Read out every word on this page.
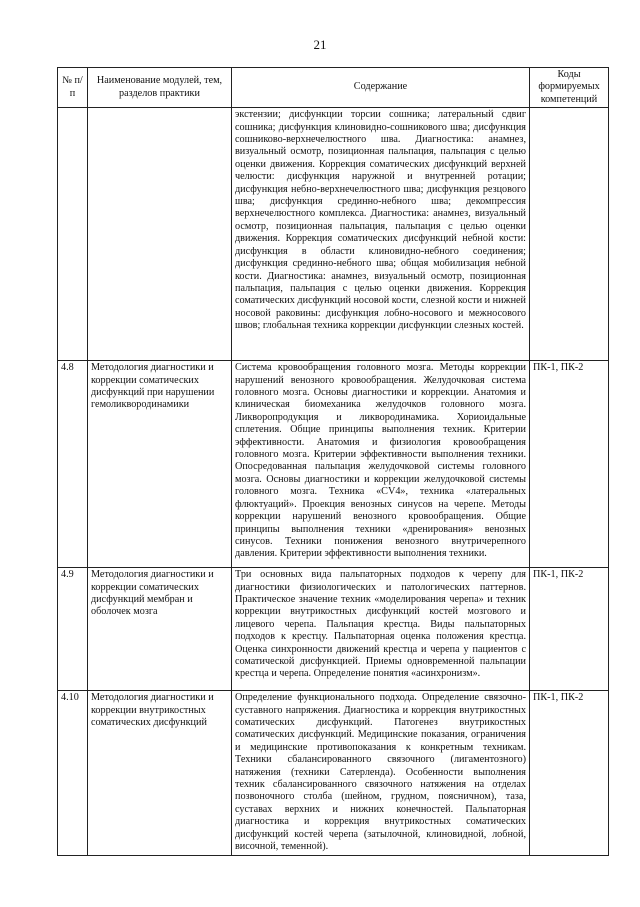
21
№ п/п	Наименование модулей, тем, разделов практики	Содержание	Коды формируемых компетенций
		экстензии; дисфункции торсии сошника; латеральный сдвиг сошника; дисфункция клиновидно-сошникового шва; дисфункция сошниково-верхнечелюстного шва. Диагностика: анамнез, визуальный осмотр, позиционная пальпация, пальпация с целью оценки движения. Коррекция соматических дисфункций верхней челюсти: дисфункция наружной и внутренней ротации; дисфункция небно-верхнечелюстного шва; дисфункция резцового шва; дисфункция срединно-небного шва; декомпрессия верхнечелюстного комплекса. Диагностика: анамнез, визуальный осмотр, позиционная пальпация, пальпация с целью оценки движения. Коррекция соматических дисфункций небной кости: дисфункция в области клиновидно-небного соединения; дисфункция срединно-небного шва; общая мобилизация небной кости. Диагностика: анамнез, визуальный осмотр, позиционная пальпация, пальпация с целью оценки движения. Коррекция соматических дисфункций носовой кости, слезной кости и нижней носовой раковины: дисфункция лобно-носового и межносового швов; глобальная техника коррекции дисфункции слезных костей.	
4.8	Методология диагностики и коррекции соматических дисфункций при нарушении гемоликвородинамики	Система кровообращения головного мозга. Методы коррекции нарушений венозного кровообращения. Желудочковая система головного мозга. Основы диагностики и коррекции. Анатомия и клиническая биомеханика желудочков головного мозга. Ликворопродукция и ликвородинамика. Хориоидальные сплетения. Общие принципы выполнения техник. Критерии эффективности. Анатомия и физиология кровообращения головного мозга. Критерии эффективности выполнения техники. Опосредованная пальпация желудочковой системы головного мозга. Основы диагностики и коррекции желудочковой системы головного мозга. Техника «CV4», техника «латеральных флюктуаций». Проекция венозных синусов на черепе. Методы коррекции нарушений венозного кровообращения. Общие принципы выполнения техники «дренирования» венозных синусов. Техники понижения венозного внутричерепного давления. Критерии эффективности выполнения техники.	ПК-1, ПК-2
4.9	Методология диагностики и коррекции соматических дисфункций мембран и оболочек мозга	Три основных вида пальпаторных подходов к черепу для диагностики физиологических и патологических паттернов. Практическое значение техник «моделирования черепа» и техник коррекции внутрикостных дисфункций костей мозгового и лицевого черепа. Пальпация крестца. Виды пальпаторных подходов к крестцу. Пальпаторная оценка положения крестца. Оценка синхронности движений крестца и черепа у пациентов с соматической дисфункцией. Приемы одновременной пальпации крестца и черепа. Определение понятия «асинхронизм».	ПК-1, ПК-2
4.10	Методология диагностики и коррекции внутрикостных соматических дисфункций	Определение функционального подхода. Определение связочно-суставного напряжения. Диагностика и коррекция внутрикостных соматических дисфункций. Патогенез внутрикостных соматических дисфункций. Медицинские показания, ограничения и медицинские противопоказания к конкретным техникам. Техники сбалансированного связочного (лигаментозного) натяжения (техники Сатерленда). Особенности выполнения техник сбалансированного связочного натяжения на отделах позвоночного столба (шейном, грудном, поясничном), таза, суставах верхних и нижних конечностей. Пальпаторная диагностика и коррекция внутрикостных соматических дисфункций костей черепа (затылочной, клиновидной, лобной, височной, теменной).	ПК-1, ПК-2
